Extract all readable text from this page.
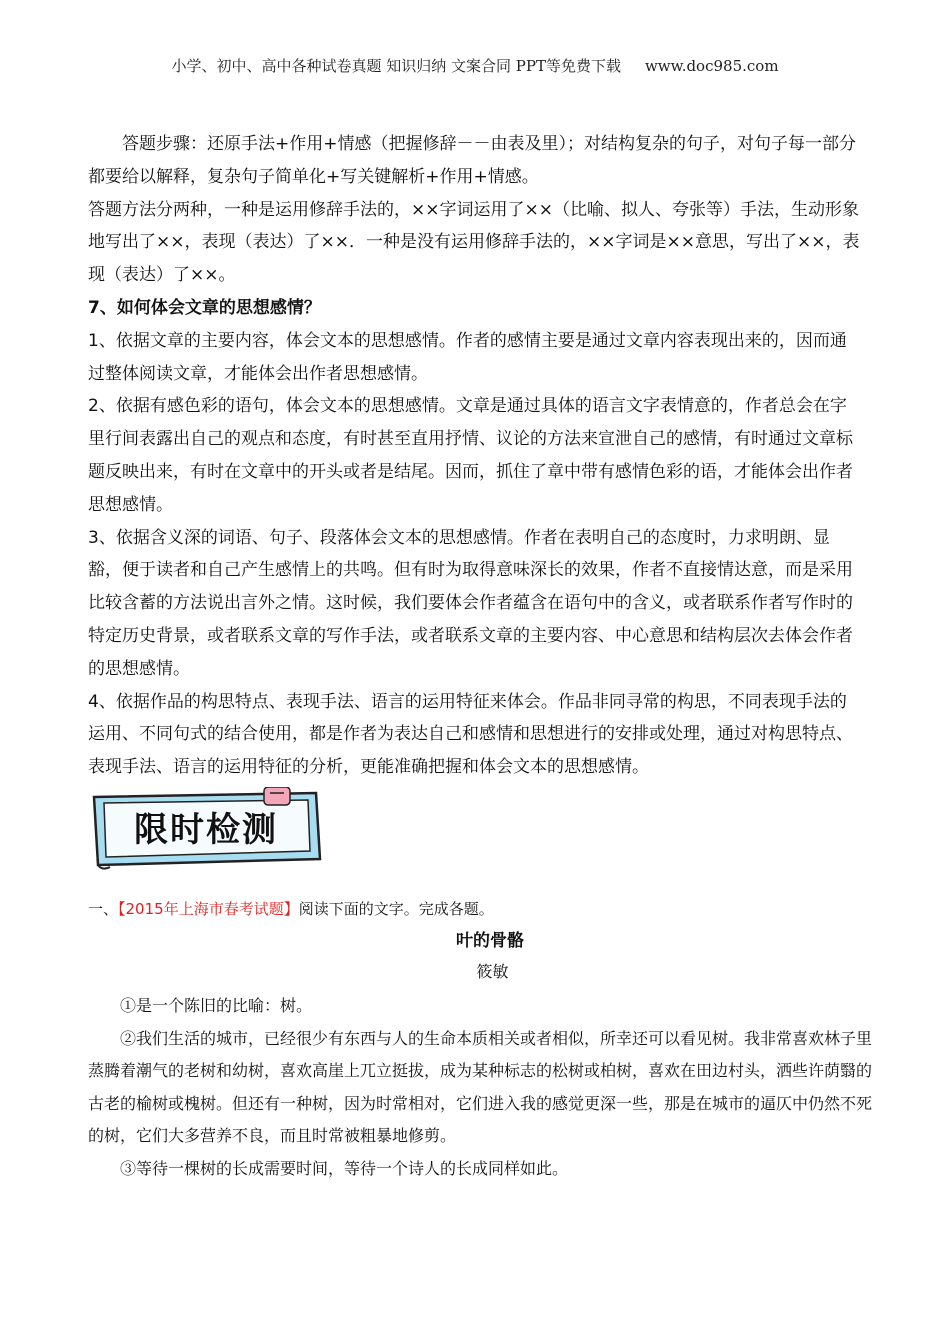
小学、初中、高中各种试卷真题 知识归纳 文案合同 PPT等免费下载 www.doc985.com

答题步骤：还原手法+作用+情感（把握修辞－－由表及里）；对结构复杂的句子，对句子每一部分都要给以解释，复杂句子简单化+写关键解析+作用+情感。

答题方法分两种，一种是运用修辞手法的，××字词运用了××（比喻、拟人、夸张等）手法，生动形象地写出了××，表现（表达）了××．一种是没有运用修辞手法的，××字词是××意思，写出了××，表现（表达）了××。

7、如何体会文章的思想感情？

1、依据文章的主要内容，体会文本的思想感情。作者的感情主要是通过文章内容表现出来的，因而通过整体阅读文章，才能体会出作者思想感情。

2、依据有感色彩的语句，体会文本的思想感情。文章是通过具体的语言文字表情意的，作者总会在字里行间表露出自己的观点和态度，有时甚至直用抒情、议论的方法来宣泄自己的感情，有时通过文章标题反映出来，有时在文章中的开头或者是结尾。因而，抓住了章中带有感情色彩的语，才能体会出作者思想感情。

3、依据含义深的词语、句子、段落体会文本的思想感情。作者在表明自己的态度时，力求明朗、显豁，便于读者和自己产生感情上的共鸣。但有时为取得意味深长的效果，作者不直接情达意，而是采用比较含蓄的方法说出言外之情。这时候，我们要体会作者蕴含在语句中的含义，或者联系作者写作时的特定历史背景，或者联系文章的写作手法，或者联系文章的主要内容、中心意思和结构层次去体会作者的思想感情。

4、依据作品的构思特点、表现手法、语言的运用特征来体会。作品非同寻常的构思，不同表现手法的运用、不同句式的结合使用，都是作者为表达自己和感情和思想进行的安排或处理，通过对构思特点、表现手法、语言的运用特征的分析，更能准确把握和体会文本的思想感情。

限时检测
一、【2015年上海市春考试题】阅读下面的文字。完成各题。
叶的骨骼
筱敏

①是一个陈旧的比喻：树。

②我们生活的城市，已经很少有东西与人的生命本质相关或者相似，所幸还可以看见树。我非常喜欢林子里蒸腾着潮气的老树和幼树，喜欢高崖上兀立挺拔，成为某种标志的松树或柏树，喜欢在田边村头，洒些许荫翳的古老的榆树或槐树。但还有一种树，因为时常相对，它们进入我的感觉更深一些，那是在城市的逼仄中仍然不死的树，它们大多营养不良，而且时常被粗暴地修剪。

③等待一棵树的长成需要时间，等待一个诗人的长成同样如此。
